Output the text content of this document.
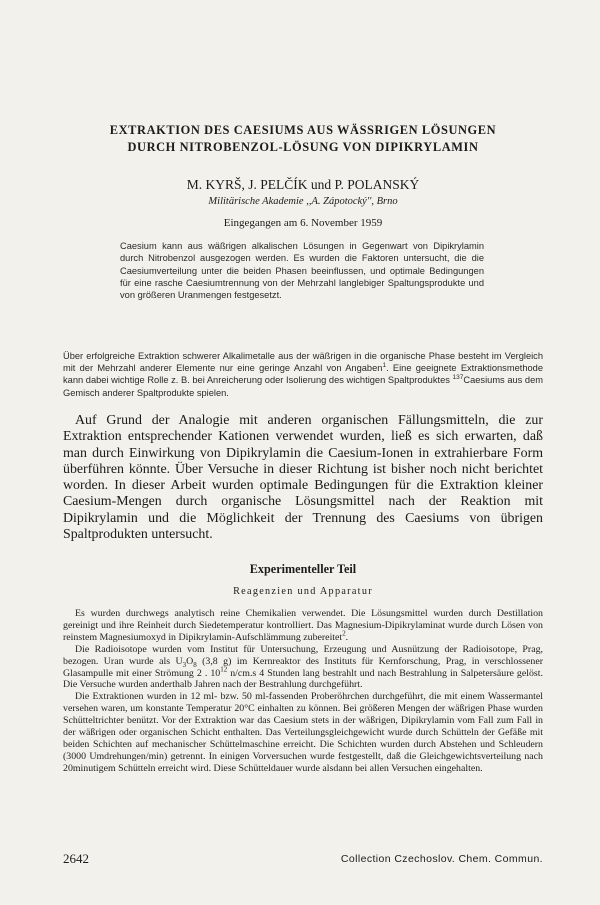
EXTRAKTION DES CAESIUMS AUS WÄSSRIGEN LÖSUNGEN
DURCH NITROBENZOL-LÖSUNG VON DIPIKRYLAMIN
M. KYRŠ, J. PELČÍK und P. POLANSKÝ
Militärische Akademie ,,A. Zápotocký'', Brno
Eingegangen am 6. November 1959

Caesium kann aus wäßrigen alkalischen Lösungen in Gegenwart von Dipikrylamin durch Nitrobenzol ausgezogen werden. Es wurden die Faktoren untersucht, die die Caesiumverteilung unter die beiden Phasen beeinflussen, und optimale Bedingungen für eine rasche Caesiumtrennung von der Mehrzahl langlebiger Spaltungsprodukte und von größeren Uranmengen festgesetzt.

Über erfolgreiche Extraktion schwerer Alkalimetalle aus der wäßrigen in die organische Phase besteht im Vergleich mit der Mehrzahl anderer Elemente nur eine geringe Anzahl von Angaben$^1$. Eine geeignete Extraktionsmethode kann dabei wichtige Rolle z. B. bei Anreicherung oder Isolierung des wichtigen Spaltproduktes $^{137}$Caesiums aus dem Gemisch anderer Spaltprodukte spielen.

Auf Grund der Analogie mit anderen organischen Fällungsmitteln, die zur Extraktion entsprechender Kationen verwendet wurden, ließ es sich erwarten, daß man durch Einwirkung von Dipikrylamin die Caesium-Ionen in extrahierbare Form überführen könnte. Über Versuche in dieser Richtung ist bisher noch nicht berichtet worden. In dieser Arbeit wurden optimale Bedingungen für die Extraktion kleiner Caesium-Mengen durch organische Lösungsmittel nach der Reaktion mit Dipikrylamin und die Möglichkeit der Trennung des Caesiums von übrigen Spaltprodukten untersucht.

Experimenteller Teil
Reagenzien und Apparatur

Es wurden durchwegs analytisch reine Chemikalien verwendet. Die Lösungsmittel wurden durch Destillation gereinigt und ihre Reinheit durch Siedetemperatur kontrolliert. Das Magnesium-Dipikrylaminat wurde durch Lösen von reinstem Magnesiumoxyd in Dipikrylamin-Aufschlämmung zubereitet$^2$.

Die Radioisotope wurden vom Institut für Untersuchung, Erzeugung und Ausnützung der Radioisotope, Prag, bezogen. Uran wurde als $U_3O_8$ (3,8 g) im Kernreaktor des Instituts für Kernforschung, Prag, in verschlossener Glasampulle mit einer Strömung 2 . $10^{12}$ n/cm.s 4 Stunden lang bestrahlt und nach Bestrahlung in Salpetersäure gelöst. Die Versuche wurden anderthalb Jahren nach der Bestrahlung durchgeführt.

Die Extraktionen wurden in 12 ml- bzw. 50 ml-fassenden Proberöhrchen durchgeführt, die mit einem Wassermantel versehen waren, um konstante Temperatur 20°C einhalten zu können. Bei größeren Mengen der wäßrigen Phase wurden Schütteltrichter benützt. Vor der Extraktion war das Caesium stets in der wäßrigen, Dipikrylamin vom Fall zum Fall in der wäßrigen oder organischen Schicht enthalten. Das Verteilungsgleichgewicht wurde durch Schütteln der Gefäße mit beiden Schichten auf mechanischer Schüttelmaschine erreicht. Die Schichten wurden durch Abstehen und Schleudern (3000 Umdrehungen/min) getrennt. In einigen Vorversuchen wurde festgestellt, daß die Gleichgewichtsverteilung nach 20minutigem Schütteln erreicht wird. Diese Schütteldauer wurde alsdann bei allen Versuchen eingehalten.

2642	Collection Czechoslov. Chem. Commun.
